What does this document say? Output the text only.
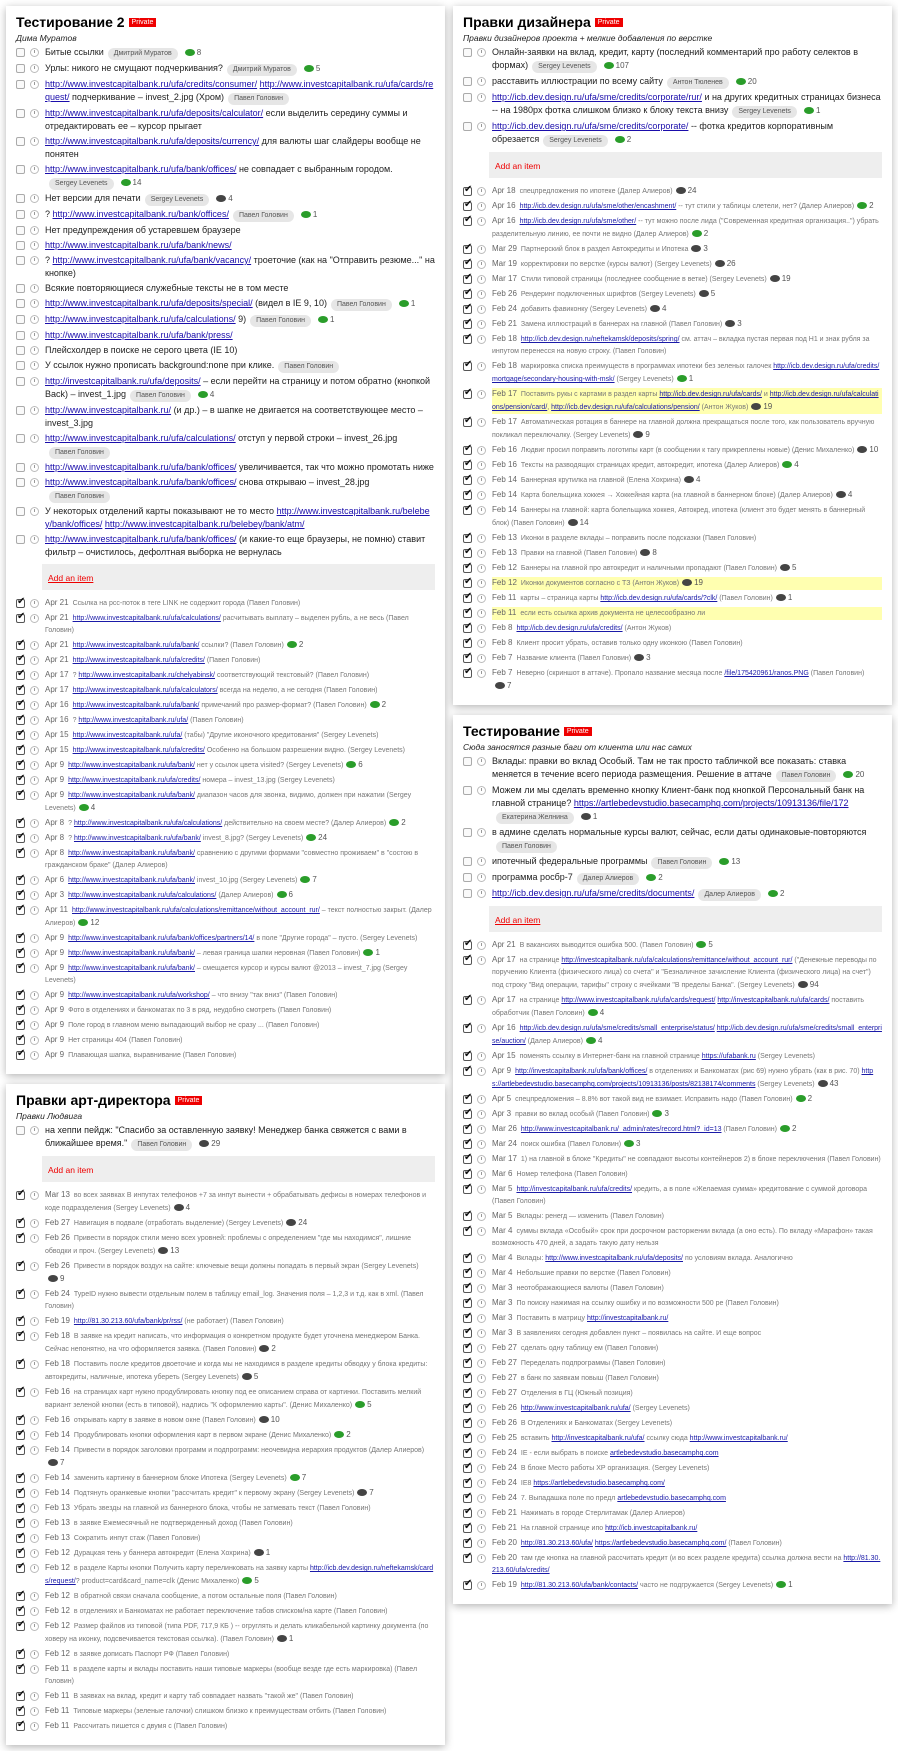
Тестирование 2	Private
Дима Муратов
Битые ссылки Дмитрий Муратов	8
Урлы: никого не смущают подчеркивания? Дмитрий Муратов	5
http://www.investcapitalbank.ru/ufa/credits/consumer/ http://www.investcapitalbank.ru/ufa/cards/request/ подчеркивание – invest_2.jpg (Хром) Павел Головин
http://www.investcapitalbank.ru/ufa/deposits/calculator/ если выделить середину суммы и отредактировать ее – курсор прыгает
http://www.investcapitalbank.ru/ufa/deposits/currency/ для валюты шаг слайдеры вообще не понятен
http://www.investcapitalbank.ru/ufa/bank/offices/ не совпадает с выбранным городом.Sergey Levenets	14
Нет версии для печати Sergey Levenets	4
? http://www.investcapitalbank.ru/bank/offices/ Павел Головин	1
Нет предупреждения об устаревшем браузере
http://www.investcapitalbank.ru/ufa/bank/news/
? http://www.investcapitalbank.ru/ufa/bank/vacancy/ троеточие (как на "Отправить резюме..." на кнопке)
Всякие повторяющиеся служебные тексты не в том месте
http://www.investcapitalbank.ru/ufa/deposits/special/ (видел в IE 9, 10) Павел Головин	1
http://www.investcapitalbank.ru/ufa/calculations/ 9) Павел Головин	1
http://www.investcapitalbank.ru/ufa/bank/press/
Плейсхолдер в поиске не серого цвета (IE 10)
У ссылок нужно прописать background:none при клике. Павел Головин
http://investcapitalbank.ru/ufa/deposits/ – если перейти на страницу и потом обратно (кнопкой Back) – invest_1.jpg Павел Головин	4
http://www.investcapitalbank.ru/ (и др.) – в шапке не двигается на соответствующее место – invest_3.jpg
http://www.investcapitalbank.ru/ufa/calculations/ отступ у первой строки – invest_26.jpgПавел Головин
http://www.investcapitalbank.ru/ufa/bank/offices/ увеличивается, так что можно промотать ниже
http://www.investcapitalbank.ru/ufa/bank/offices/ снова открываю – invest_28.jpgПавел Головин
У некоторых отделений карты показывают не то место http://www.investcapitalbank.ru/belebey/bank/offices/ http://www.investcapitalbank.ru/belebey/bank/atm/
http://www.investcapitalbank.ru/ufa/bank/offices/ (и какие-то еще браузеры, не помню) ставит фильтр – очистилось, дефолтная выборка не вернулась
Add an item
✔
Apr 21 Ссылка на рсс-поток в теге LINK не содержит города (Павел Головин)
✔
Apr 21 http://www.investcapitalbank.ru/ufa/calculations/ расчитывать выплату – выделен рубль, а не весь (Павел Головин)
✔
Apr 21 http://www.investcapitalbank.ru/ufa/bank/ ссылки? (Павел Головин) 2
✔
Apr 21 http://www.investcapitalbank.ru/ufa/credits/ (Павел Головин)
✔
Apr 17 ? http://www.investcapitalbank.ru/chelyabinsk/ соответствующий текстовый? (Павел Головин)
✔
Apr 17 http://www.investcapitalbank.ru/ufa/calculators/ всегда на неделю, а не сегодня (Павел Головин)
✔
Apr 16 http://www.investcapitalbank.ru/ufa/bank/ примечаний про размер-формат? (Павел Головин) 2
✔
Apr 16 ? http://www.investcapitalbank.ru/ufa/ (Павел Головин)
✔
Apr 15 http://www.investcapitalbank.ru/ufa/ (табы) "Другие иконочного кредитования" (Sergey Levenets)
✔
Apr 15 http://www.investcapitalbank.ru/ufa/credits/ Особенно на большом разрешении видно. (Sergey Levenets)
✔
Apr 9 http://www.investcapitalbank.ru/ufa/bank/ нет у ссылок цвета visited? (Sergey Levenets) 6
✔
Apr 9 http://www.investcapitalbank.ru/ufa/credits/ номера – invest_13.jpg (Sergey Levenets)
✔
Apr 9 http://www.investcapitalbank.ru/ufa/bank/ диапазон часов для звонка, видимо, должен при нажатии (Sergey Levenets) 4
✔
Apr 8 ? http://www.investcapitalbank.ru/ufa/calculations/ действительно на своем месте? (Далер Алиеров) 2
✔
Apr 8 ? http://www.investcapitalbank.ru/ufa/bank/ invest_8.jpg? (Sergey Levenets) 24
✔
Apr 8 http://www.investcapitalbank.ru/ufa/bank/ сравнению с другими формами "совместно проживаем" в "состою в гражданском браке" (Далер Алиеров)
✔
Apr 6 http://www.investcapitalbank.ru/ufa/bank/ invest_10.jpg (Sergey Levenets) 7
✔
Apr 3 http://www.investcapitalbank.ru/ufa/calculations/ (Далер Алиеров) 6
✔
Apr 11 http://www.investcapitalbank.ru/ufa/calculations/remittance/without_account_rur/ – текст полностью закрыт. (Далер Алиеров) 12
✔
Apr 9 http://www.investcapitalbank.ru/ufa/bank/offices/partners/14/ в поле "Другие города" – пусто. (Sergey Levenets)
✔
Apr 9 http://www.investcapitalbank.ru/ufa/bank/ – левая граница шапки неровная (Павел Головин) 1
✔
Apr 9 http://www.investcapitalbank.ru/ufa/bank/ – смещается курсор и курсы валют @2013 – invest_7.jpg (Sergey Levenets)
✔
Apr 9 http://www.investcapitalbank.ru/ufa/workshop/ – что внизу "так вниз" (Павел Головин)
✔
Apr 9 Фото в отделениях и банкоматах по 3 в ряд, неудобно смотреть (Павел Головин)
✔
Apr 9 Поле город в главном меню выпадающий выбор не сразу ... (Павел Головин)
✔
Apr 9 Нет страницы 404 (Павел Головин)
✔
Apr 9 Плавающая шапка, выравнивание (Павел Головин)
Правки арт-директора	Private
Правки Людвига
на хеппи пейдж: "Спасибо за оставленную заявку! Менеджер банка свяжется с вами в ближайшее время." Павел Головин	29
Add an item
✔
Mar 13 во всех заявках В инпутах телефонов +7 за инпут вынести + обрабатывать дефисы в номерах телефонов и коде подразделения (Sergey Levenets) 4
✔
Feb 27 Навигация в подвале (отработать выделение) (Sergey Levenets) 24
✔
Feb 26 Привести в порядок стили меню всех уровней: проблемы с определением "где мы находимся", лишние обводки и проч. (Sergey Levenets) 13
✔
Feb 26 Привести в порядок воздух на сайте: ключевые вещи должны попадать в первый экран (Sergey Levenets)9
✔
Feb 24 TypeID нужно вывести отдельным полем в таблицу email_log. Значения поля – 1,2,3 и т.д. как в xml. (Павел Головин)
✔
Feb 19 http://81.30.213.60/ufa/bank/pr/rss/ (не работает) (Павел Головин)
✔
Feb 18 В заявке на кредит написать, что информация о конкретном продукте будет уточнена менеджером Банка. Сейчас непонятно, на что оформляется заявка. (Павел Головин) 2
✔
Feb 18 Поставить после кредитов двоеточие и когда мы не находимся в разделе кредиты обводку у блока кредиты: автокредиты, наличные, ипотека убереть (Sergey Levenets) 5
✔
Feb 16 на страницах карт нужно продублировать кнопку под ее описанием справа от картинки. Поставить мелкий вариант зеленой кнопки (есть в типовой), надпись "К оформлению карты". (Денис Михаленко) 5
✔
Feb 16 открывать карту в заявке в новом окне (Павел Головин) 10
✔
Feb 14 Продублировать кнопки оформления карт в первом экране (Денис Михаленко) 2
✔
Feb 14 Привести в порядок заголовки программ и подпрограмм: неочевидна иерархия продуктов (Далер Алиеров)7
✔
Feb 14 заменить картинку в баннерном блоке Ипотека (Sergey Levenets) 7
✔
Feb 14 Подтянуть оранжевые кнопки "рассчитать кредит" к первому экрану (Sergey Levenets) 7
✔
Feb 13 Убрать звезды на главной из баннерного блока, чтобы не затмевать текст (Павел Головин)
✔
Feb 13 в заявке Ежемесячный не подтвержденный доход (Павел Головин)
✔
Feb 13 Сократить инпут стаж (Павел Головин)
✔
Feb 12 Дурацкая тень у баннера автокредит (Елена Хохрина) 1
✔
Feb 12 в разделе Карты кнопки Получить карту перелинковать на заявку карты http://icb.dev.design.ru/neftekamsk/cards/request/? product=card&card_name=clk (Денис Михаленко) 5
✔
Feb 12 В обратной связи сначала сообщение, а потом остальные поля (Павел Головин)
✔
Feb 12 в отделениях и Банкоматах не работает переключение табов списком/на карте (Павел Головин)
✔
Feb 12 Размер файлов из типовой (типа PDF, 717,9 КБ ) -- огруглять и делать кликабельной картинку документа (по ховеру на иконку, подсвечивается текстовая ссылка). (Павел Головин) 1
✔
Feb 12 в заявке дописать Паспорт РФ (Павел Головин)
✔
Feb 11 в разделе карты и вклады поставить наши типовые маркеры (вообще везде где есть маркировка) (Павел Головин)
✔
Feb 11 В заявках на вклад, кредит и карту таб совпадает назвать "такой же" (Павел Головин)
✔
Feb 11 Типовые маркеры (зеленые галочки) слишком близко к преимуществам отбить (Павел Головин)
✔
Feb 11 Рассчитать пишется с двумя с (Павел Головин)
Правки дизайнера	Private
Правки дизайнеров проекта + мелкие добавления по верстке
Онлайн-заявки на вклад, кредит, карту (последний комментарий про работу селектов в формах) Sergey Levenets	107
расставить иллюстрации по всему сайту Антон Тюленев	20
http://icb.dev.design.ru/ufa/sme/credits/corporate/rur/ и на других кредитных страницах бизнеса -- на 1980px фотка слишком близко к блоку текста внизу Sergey Levenets	1
http://icb.dev.design.ru/ufa/sme/credits/corporate/ -- фотка кредитов корпоративным обрезается Sergey Levenets	2
Add an item
✔
Apr 18 спецпредложения по ипотеке (Далер Алиеров) 24
✔
Apr 16 http://icb.dev.design.ru/ufa/sme/other/encashment/ -- тут стили у таблицы слетели, нет? (Далер Алиеров) 2
✔
Apr 16 http://icb.dev.design.ru/ufa/sme/other/ -- тут можно после лида ("Современная кредитная организация..") убрать разделительную линию, ее почти не видно (Далер Алиеров) 2
✔
Mar 29 Партнерский блок в раздел Автокредиты и Ипотека 3
✔
Mar 19 корректировки по верстке (курсы валют) (Sergey Levenets) 26
✔
Mar 17 Стили типовой страницы (последнее сообщение в ветке) (Sergey Levenets) 19
✔
Feb 26 Рендеринг подключенных шрифтов (Sergey Levenets) 5
✔
Feb 24 добавить фавиконку (Sergey Levenets) 4
✔
Feb 21 Замена иллюстраций в баннерах на главной (Павел Головин) 3
✔
Feb 18 http://icb.dev.design.ru/neftekamsk/deposits/spring/ см. аттач – вкладка пустая первая под H1 и знак рубля за инпутом перенесся на новую строку. (Павел Головин)
✔
Feb 18 маркировка списка преимуществ в программах ипотеки без зеленых галочек http://icb.dev.design.ru/ufa/credits/mortgage/secondary-housing-with-msk/ (Sergey Levenets) 1
✔
Feb 17 Поставить рукы с картами в раздел карты http://icb.dev.design.ru/ufa/cards/ и http://icb.dev.design.ru/ufa/calculations/pension/card/, http://icb.dev.design.ru/ufa/calculations/pension/ (Антон Жуков) 19
✔
Feb 17 Автоматическая ротация в баннере на главной должна прекращаться после того, как пользователь вручную покликал переключалку. (Sergey Levenets) 9
✔
Feb 16 Людвиг просил поправить логотипы карт (в сообщении к тагу прикреплены новые) (Денис Михаленко) 10
✔
Feb 16 Тексты на разводящих страницах кредит, автокредит, ипотека (Далер Алиеров) 4
✔
Feb 14 Баннерная крутилка на главной (Елена Хохрина) 4
✔
Feb 14 Карта болельщика хоккея → Хоккейная карта (на главной в баннерном блоке) (Далер Алиеров) 4
✔
Feb 14 Баннеры на главной: карта болельщика хоккея, Автокред, ипотека (клиент это будет менять в баннерный блок) (Павел Головин) 14
✔
Feb 13 Иконки в разделе вклады – поправить после подсказки (Павел Головин)
✔
Feb 13 Правки на главной (Павел Головин) 8
✔
Feb 12 Баннеры на главной про автокредит и наличными пропадают (Павел Головин) 5
✔
Feb 12 Иконки документов согласно с ТЗ (Антон Жуков) 19
✔
Feb 11 карты – страница карты http://icb.dev.design.ru/ufa/cards/?clk/ (Павел Головин) 1
✔
Feb 11 если есть ссылка архив документа не целесообразно ли
✔
Feb 8 http://icb.dev.design.ru/ufa/credits/ (Антон Жуков)
✔
Feb 8 Клиент просит убрать, оставив только одну иконкою (Павел Головин)
✔
Feb 7 Название клиента (Павел Головин) 3
✔
Feb 7 Неверно (скриншот в аттаче). Пропало название месяца после /file/175420961/ranos.PNG (Павел Головин)7
Тестирование	Private
Сюда заносятся разные баги от клиента или нас самих
Вклады: правки во вклад Особый. Там не так просто табличкой все показать: ставка меняется в течение всего периода размещения. Решение в аттаче Павел Головин	20
Можем ли мы сделать временно кнопку Клиент-банк под кнопкой Персональный банк на главной странице? https://artlebedevstudio.basecamphq.com/projects/10913136/file/172Екатерина Желнина	1
в админе сделать нормальные курсы валют, сейчас, если даты одинаковые-повторяютсяПавел Головин
ипотечный федеральные программы Павел Головин	13
программа росбр-7 Далер Алиеров	2
http://icb.dev.design.ru/ufa/sme/credits/documents/ Далер Алиеров	2
Add an item
✔
Apr 21 В вакансиях выводится ошибка 500. (Павел Головин) 5
✔
Apr 17 на странице http://investcapitalbank.ru/ufa/calculations/remittance/without_account_rur/ ("Денежные переводы по поручению Клиента (физического лица) со счета" и "Безналичное зачисление Клиента (физического лица) на счет") под строку "Вид операции, тарифы" строку с ячейками "В пределы Банка". (Sergey Levenets) 94
✔
Apr 17 на странице http://www.investcapitalbank.ru/ufa/cards/request/ http://investcapitalbank.ru/ufa/cards/ поставить обработчик (Павел Головин) 4
✔
Apr 16 http://icb.dev.design.ru/ufa/sme/credits/small_enterprise/status/ http://icb.dev.design.ru/ufa/sme/credits/small_enterprise/auction/ (Далер Алиеров) 4
✔
Apr 15 поменять ссылку в Интернет-банк на главной странице https://ufabank.ru (Sergey Levenets)
✔
Apr 9 http://investcapitalbank.ru/ufa/bank/offices/ в отделениях и Банкоматах (рис 69) нужно убрать (как в рис. 70) https://artlebedevstudio.basecamphq.com/projects/10913136/posts/82138174/comments (Sergey Levenets) 43
✔
Apr 5 спецпредложения – 8.8% вот такой вид не взимает. Исправить надо (Павел Головин) 2
✔
Apr 3 правки во вклад особый (Павел Головин) 3
✔
Mar 26 http://www.investcapitalbank.ru/_admin/rates/record.html?_id=13 (Павел Головин) 2
✔
Mar 24 поиск ошибка (Павел Головин) 3
✔
Mar 17 1) на главной в блоке "Кредиты" не совпадают высоты контейнеров 2) в блоке переключения (Павел Головин)
✔
Mar 6 Номер телефона (Павел Головин)
✔
Mar 5 http://investcapitalbank.ru/ufa/credits/ кредить, а в поле «Желаемая сумма» кредитование с суммой договора (Павел Головин)
✔
Mar 5 Вклады: ренегд — изменить (Павел Головин)
✔
Mar 4 суммы вклада «Особый» срок при досрочном расторжении вклада (а оно есть). По вкладу «Марафон» такая возможность 470 дней, а задать такую дату нельзя
✔
Mar 4 Вклады: http://www.investcapitalbank.ru/ufa/deposits/ по условиям вклада. Аналогично
✔
Mar 4 Небольшие правки по верстке (Павел Головин)
✔
Mar 3 неотображающиеся валюты (Павел Головин)
✔
Mar 3 По поиску нажимая на ссылку ошибку и по возможности 500 ре (Павел Головин)
✔
Mar 3 Поставить в матрицу http://investcapitalbank.ru/
✔
Mar 3 В заявлениях сегодня добавлен пункт – появилась на сайте. И еще вопрос
✔
Feb 27 сделать одну таблицу ем (Павел Головин)
✔
Feb 27 Переделать подпрограммы (Павел Головин)
✔
Feb 27 в банк по заявкам повыш (Павел Головин)
✔
Feb 27 Отделения в ГЦ (Южный позиция)
✔
Feb 26 http://www.investcapitalbank.ru/ufa/ (Sergey Levenets)
✔
Feb 26 В Отделениях и Банкоматах (Sergey Levenets)
✔
Feb 25 вставить http://investcapitalbank.ru/ufa/ ссылку сюда http://www.investcapitalbank.ru/
✔
Feb 24 IE - если выбрать в поиске artlebedevstudio.basecamphq.com
✔
Feb 24 В блоке Место работы ХР организация. (Sergey Levenets)
✔
Feb 24 IE8 https://artlebedevstudio.basecamphq.com/
✔
Feb 24 7. Выпадашка поле по предл artlebedevstudio.basecamphq.com
✔
Feb 21 Нажимать в городе Стерлитамак (Далер Алиеров)
✔
Feb 21 На главной странице ипо http://icb.investcapitalbank.ru/
✔
Feb 20 http://81.30.213.60/ufa/ https://artlebedevstudio.basecamphq.com/ (Павел Головин)
✔
Feb 20 там где кнопка на главной рассчитать кредит (и во всех разделе кредита) ссылка должна вести на http://81.30.213.60/ufa/credits/
✔
Feb 19 http://81.30.213.60/ufa/bank/contacts/ часто не подгружается (Sergey Levenets) 1
